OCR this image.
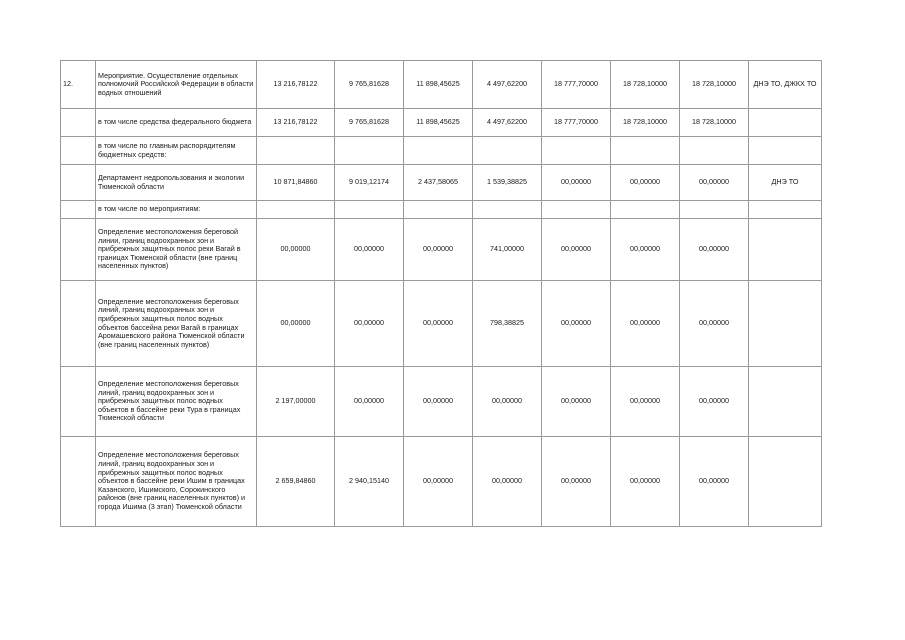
12.	Мероприятие. Осуществление отдельных полномочий Российской Федерации в области водных отношений	13 216,78122	9 765,81628	11 898,45625	4 497,62200	18 777,70000	18 728,10000	18 728,10000	ДНЭ ТО, ДЖКХ ТО
	в том числе средства федерального бюджета	13 216,78122	9 765,81628	11 898,45625	4 497,62200	18 777,70000	18 728,10000	18 728,10000	
	в том числе по главным распорядителям бюджетных средств:								
	Департамент недропользования и экологии Тюменской области	10 871,84860	9 019,12174	2 437,58065	1 539,38825	00,00000	00,00000	00,00000	ДНЭ ТО
	в том числе по мероприятиям:								
	Определение местоположения береговой линии, границ водоохранных зон и прибрежных защитных полос реки Вагай в границах Тюменской области (вне границ населенных пунктов)	00,00000	00,00000	00,00000	741,00000	00,00000	00,00000	00,00000	
	Определение местоположения береговых линий, границ водоохранных зон и прибрежных защитных полос водных объектов бассейна реки Вагай в границах Аромашевского района Тюменской области (вне границ населенных пунктов)	00,00000	00,00000	00,00000	798,38825	00,00000	00,00000	00,00000	
	Определение местоположения береговых линий, границ водоохранных зон и прибрежных защитных полос водных объектов в бассейне реки Тура в границах Тюменской области	2 197,00000	00,00000	00,00000	00,00000	00,00000	00,00000	00,00000	
	Определение местоположения береговых линий, границ водоохранных зон и прибрежных защитных полос водных объектов в бассейне реки Ишим в границах Казанского, Ишимского, Сорокинского районов (вне границ населенных пунктов) и города Ишима (3 этап) Тюменской области	2 659,84860	2 940,15140	00,00000	00,00000	00,00000	00,00000	00,00000	
